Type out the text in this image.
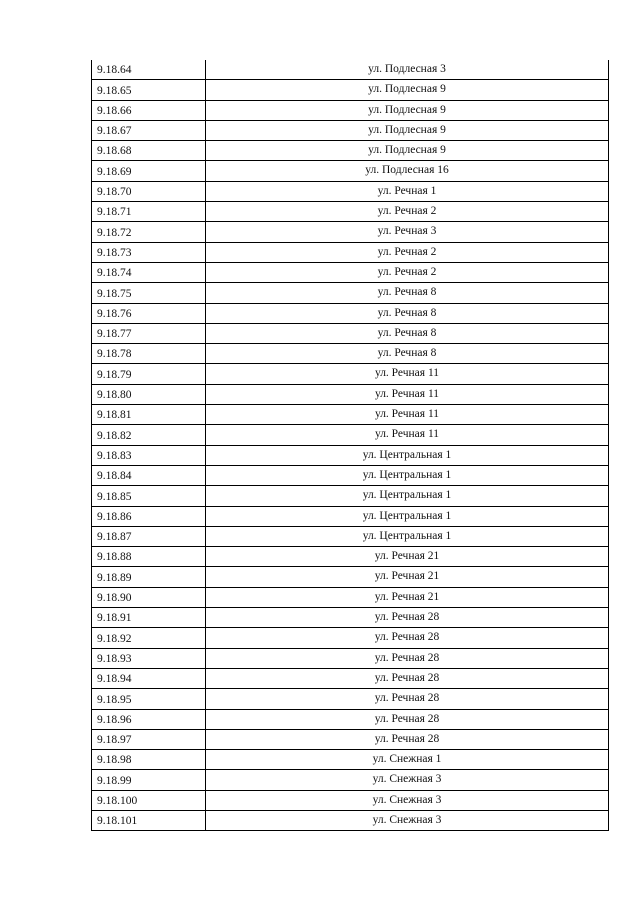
9.18.64	ул. Подлесная 3
9.18.65	ул. Подлесная 9
9.18.66	ул. Подлесная 9
9.18.67	ул. Подлесная 9
9.18.68	ул. Подлесная 9
9.18.69	ул. Подлесная 16
9.18.70	ул. Речная 1
9.18.71	ул. Речная 2
9.18.72	ул. Речная 3
9.18.73	ул. Речная 2
9.18.74	ул. Речная 2
9.18.75	ул. Речная 8
9.18.76	ул. Речная 8
9.18.77	ул. Речная 8
9.18.78	ул. Речная 8
9.18.79	ул. Речная 11
9.18.80	ул. Речная 11
9.18.81	ул. Речная 11
9.18.82	ул. Речная 11
9.18.83	ул. Центральная 1
9.18.84	ул. Центральная 1
9.18.85	ул. Центральная 1
9.18.86	ул. Центральная 1
9.18.87	ул. Центральная 1
9.18.88	ул. Речная 21
9.18.89	ул. Речная 21
9.18.90	ул. Речная 21
9.18.91	ул. Речная 28
9.18.92	ул. Речная 28
9.18.93	ул. Речная 28
9.18.94	ул. Речная 28
9.18.95	ул. Речная 28
9.18.96	ул. Речная 28
9.18.97	ул. Речная 28
9.18.98	ул. Снежная 1
9.18.99	ул. Снежная 3
9.18.100	ул. Снежная 3
9.18.101	ул. Снежная 3
